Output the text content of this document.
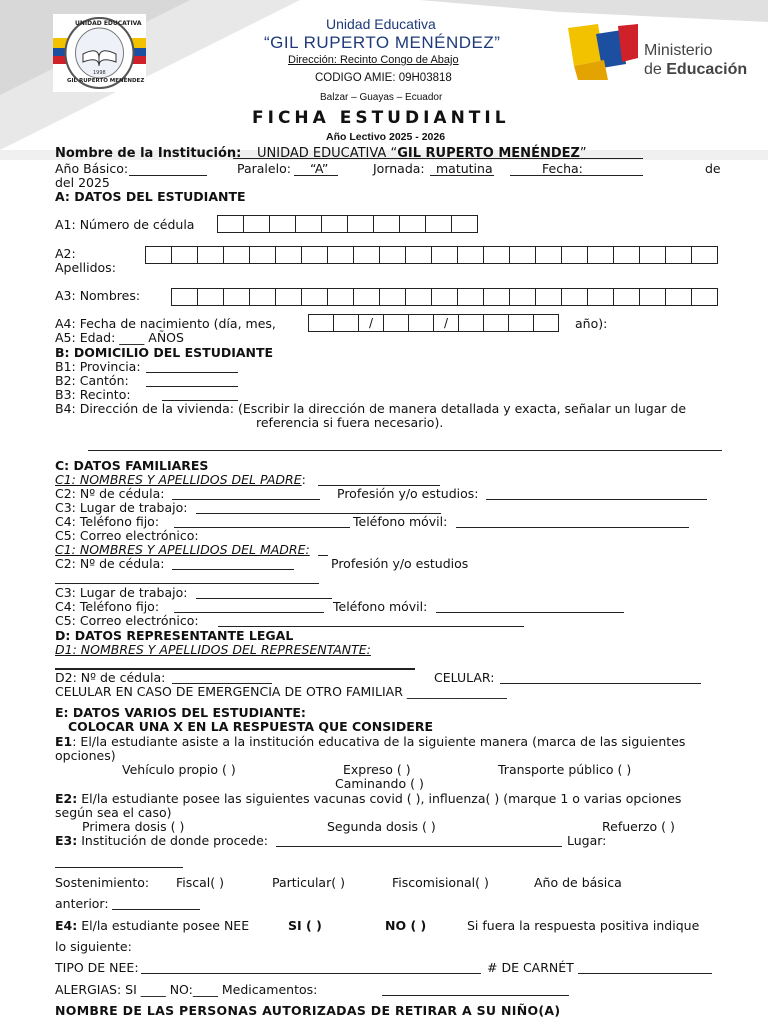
UNIDAD EDUCATIVA
1998
GIL RUPERTO MENÉNDEZ
Unidad Educativa
“GIL RUPERTO MENÉNDEZ”
Dirección: Recinto Congo de Abajo
CODIGO AMIE: 09H03818
Balzar – Guayas – Ecuador
FICHA ESTUDIANTIL
Año Lectivo 2025 - 2026
Ministerio
de Educación
Nombre de la Institución: UNIDAD EDUCATIVA “GIL RUPERTO MENÉNDEZ”
Año Básico:	Paralelo: “A”	Jornada: matutina	Fecha:	de
del 2025
A: DATOS DEL ESTUDIANTE
A1: Número de cédula
A2:
Apellidos:
A3: Nombres:
A4: Fecha de nacimiento (día, mes,	/	/	año):
A5: Edad: ____ AÑOS
B: DOMICILIO DEL ESTUDIANTE
B1: Provincia:
B2: Cantón:
B3: Recinto:
B4: Dirección de la vivienda: (Escribir la dirección de manera detallada y exacta, señalar un lugar de
referencia si fuera necesario).
C: DATOS FAMILIARES
C1: NOMBRES Y APELLIDOS DEL PADRE:
C2: Nº de cédula:	Profesión y/o estudios:
C3: Lugar de trabajo:
C4: Teléfono fijo:	Teléfono móvil:
C5: Correo electrónico:
C1: NOMBRES Y APELLIDOS DEL MADRE:
C2: Nº de cédula:	Profesión y/o estudios
C3: Lugar de trabajo:
C4: Teléfono fijo:	Teléfono móvil:
C5: Correo electrónico:
D: DATOS REPRESENTANTE LEGAL
D1: NOMBRES Y APELLIDOS DEL REPRESENTANTE:
D2: Nº de cédula:	CELULAR:
CELULAR EN CASO DE EMERGENCIA DE OTRO FAMILIAR ________________
E: DATOS VARIOS DEL ESTUDIANTE:
COLOCAR UNA X EN LA RESPUESTA QUE CONSIDERE
E1: El/la estudiante asiste a la institución educativa de la siguiente manera (marca de las siguientes
opciones)
Vehículo propio ( )	Expreso ( )	Transporte público ( )
Caminando ( )
E2: El/la estudiante posee las siguientes vacunas covid ( ), influenza( ) (marque 1 o varias opciones
según sea el caso)
Primera dosis ( )	Segunda dosis ( )	Refuerzo ( )
E3: Institución de donde procede:	Lugar:
Sostenimiento: Fiscal( )	Particular( )	Fiscomisional( )	Año de básica
anterior:
E4: El/la estudiante posee NEE	SI ( )	NO ( )	Si fuera la respuesta positiva indique
lo siguiente:
TIPO DE NEE:	# DE CARNÉT
ALERGIAS: SI ____ NO:____ Medicamentos:
NOMBRE DE LAS PERSONAS AUTORIZADAS DE RETIRAR A SU NIÑO(A)
